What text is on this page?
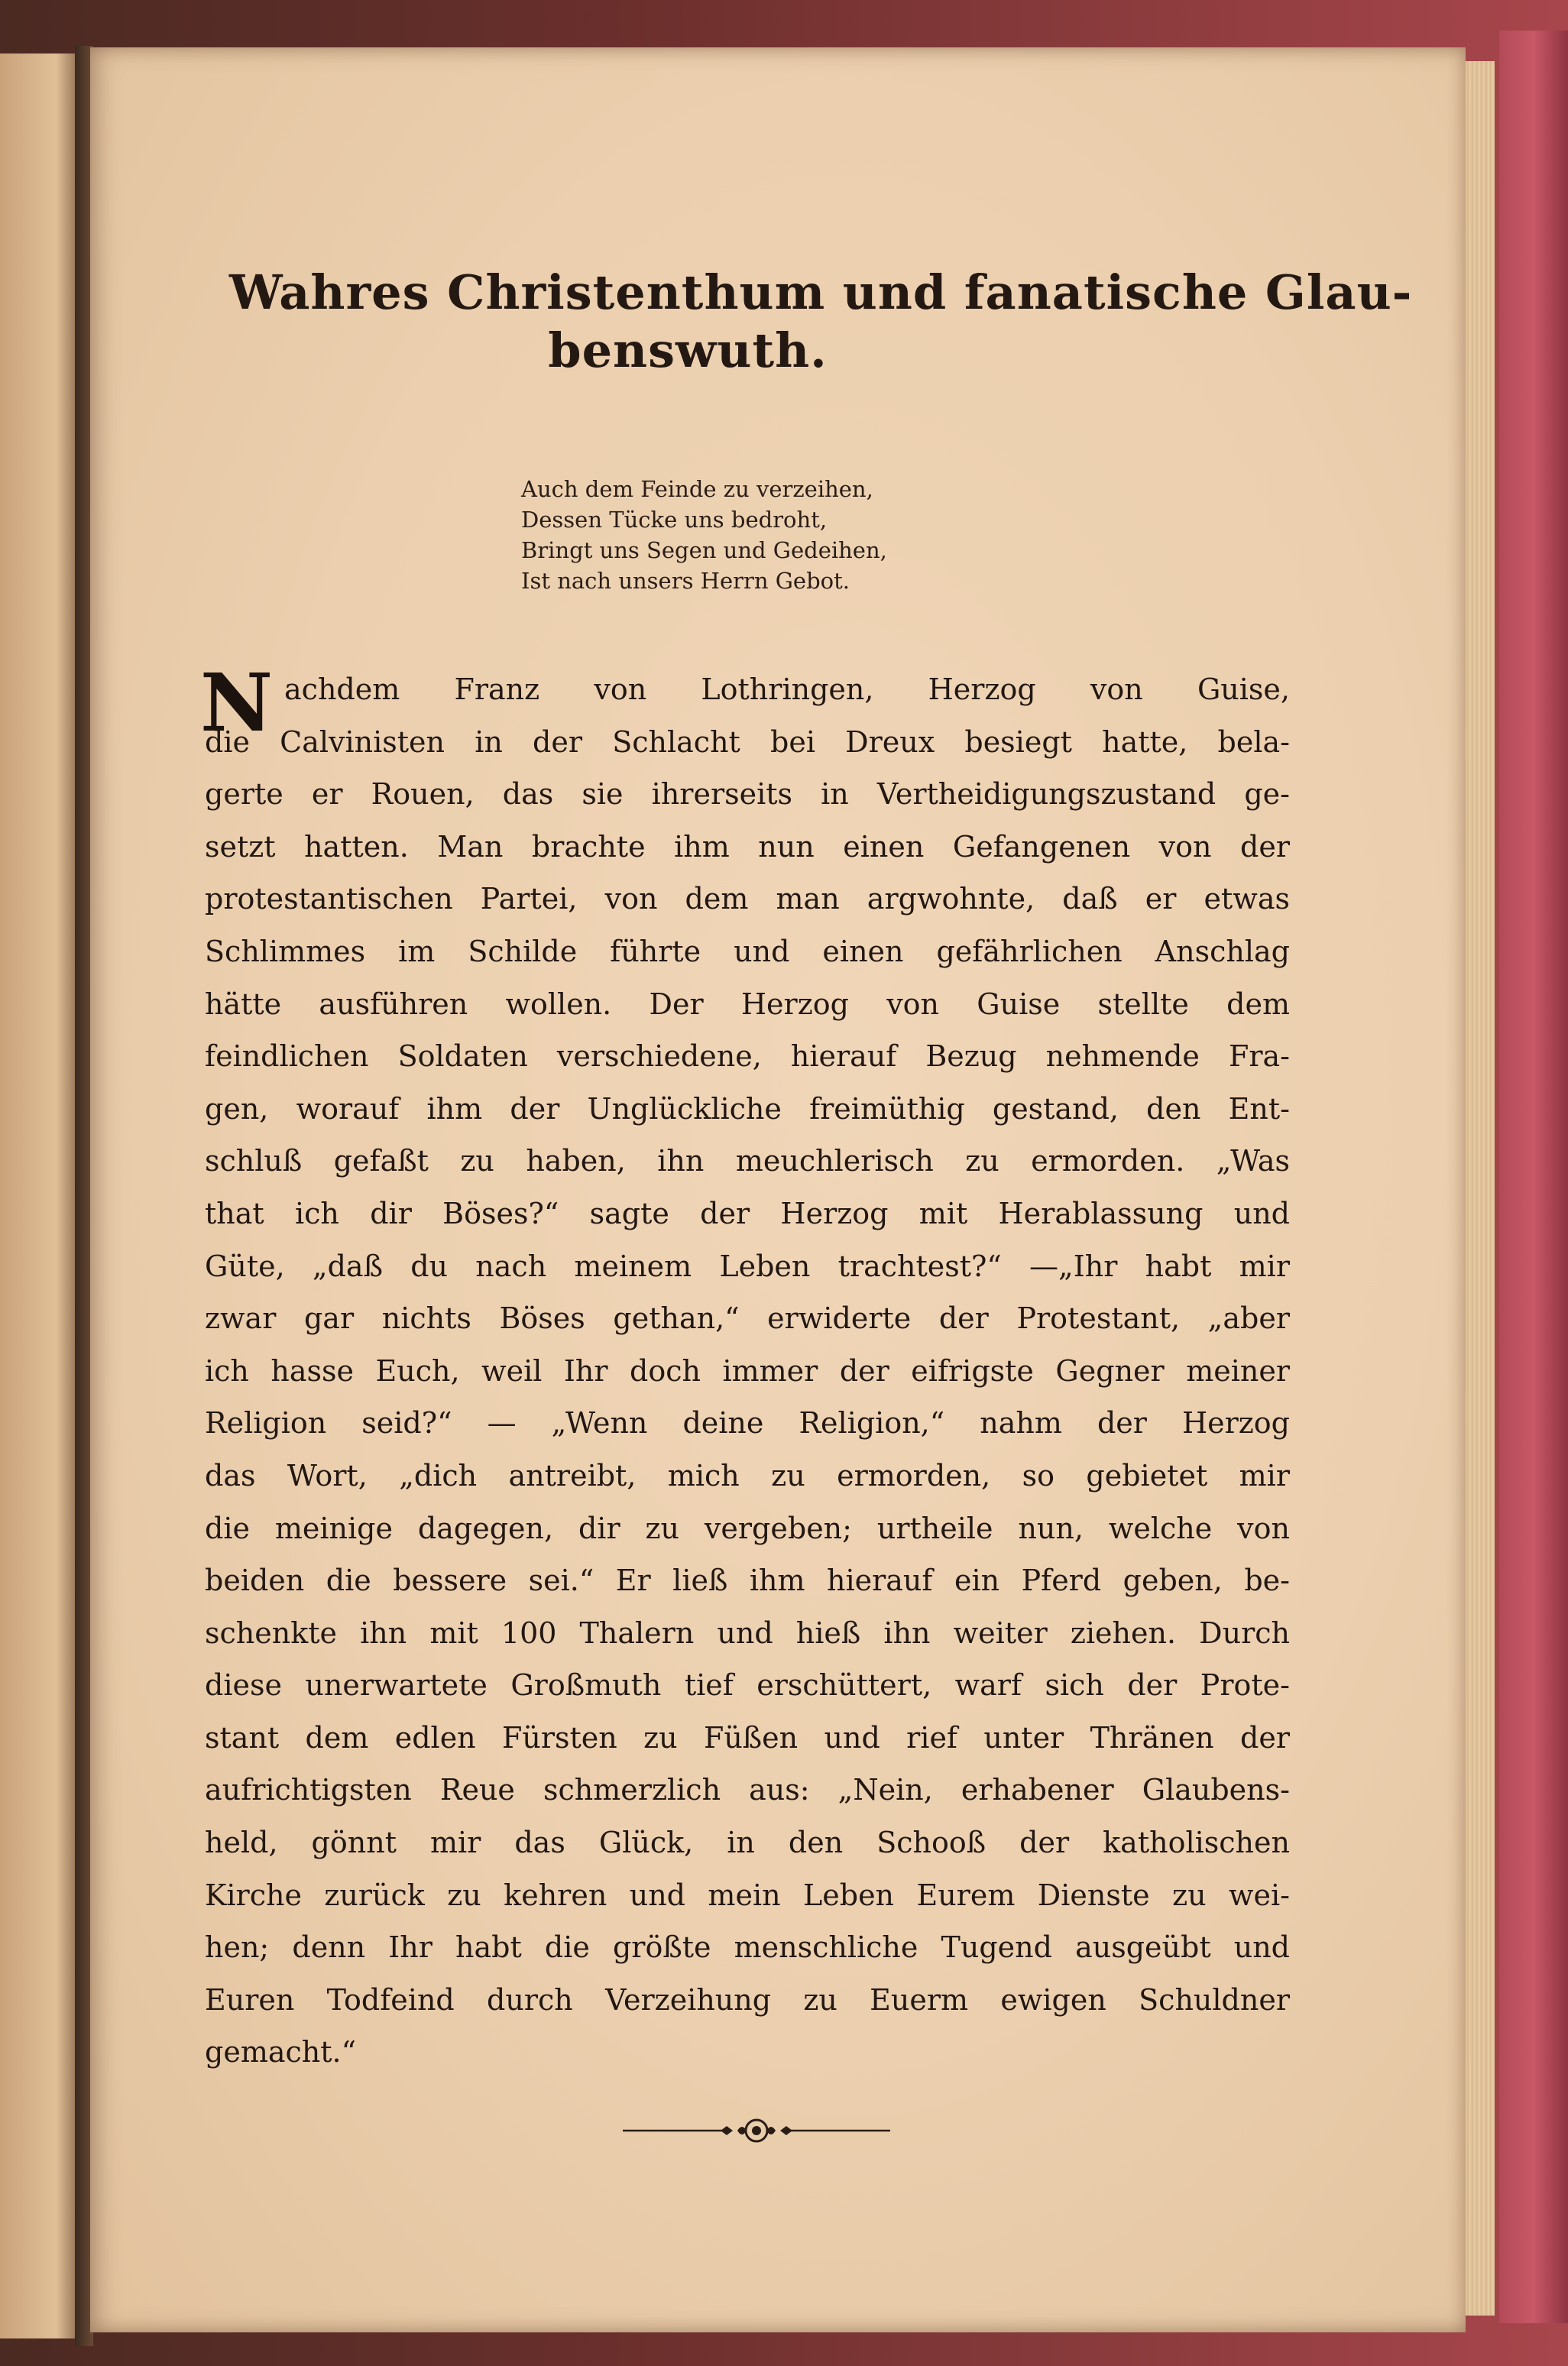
Wahres Christenthum und fanatische Glau-
benswuth.
Auch dem Feinde zu verzeihen,
Dessen Tücke uns bedroht,
Bringt uns Segen und Gedeihen,
Ist nach unsers Herrn Gebot.
N achdem Franz von Lothringen, Herzog von Guise,
die Calvinisten in der Schlacht bei Dreux besiegt hatte, bela-
gerte er Rouen, das sie ihrerseits in Vertheidigungszustand ge-
setzt hatten. Man brachte ihm nun einen Gefangenen von der
protestantischen Partei, von dem man argwohnte, daß er etwas
Schlimmes im Schilde führte und einen gefährlichen Anschlag
hätte ausführen wollen. Der Herzog von Guise stellte dem
feindlichen Soldaten verschiedene, hierauf Bezug nehmende Fra-
gen, worauf ihm der Unglückliche freimüthig gestand, den Ent-
schluß gefaßt zu haben, ihn meuchlerisch zu ermorden. „Was
that ich dir Böses?“ sagte der Herzog mit Herablassung und
Güte, „daß du nach meinem Leben trachtest?“ —„Ihr habt mir
zwar gar nichts Böses gethan,“ erwiderte der Protestant, „aber
ich hasse Euch, weil Ihr doch immer der eifrigste Gegner meiner
Religion seid?“ — „Wenn deine Religion,“ nahm der Herzog
das Wort, „dich antreibt, mich zu ermorden, so gebietet mir
die meinige dagegen, dir zu vergeben; urtheile nun, welche von
beiden die bessere sei.“ Er ließ ihm hierauf ein Pferd geben, be-
schenkte ihn mit 100 Thalern und hieß ihn weiter ziehen. Durch
diese unerwartete Großmuth tief erschüttert, warf sich der Prote-
stant dem edlen Fürsten zu Füßen und rief unter Thränen der
aufrichtigsten Reue schmerzlich aus: „Nein, erhabener Glaubens-
held, gönnt mir das Glück, in den Schooß der katholischen
Kirche zurück zu kehren und mein Leben Eurem Dienste zu wei-
hen; denn Ihr habt die größte menschliche Tugend ausgeübt und
Euren Todfeind durch Verzeihung zu Euerm ewigen Schuldner
gemacht.“
